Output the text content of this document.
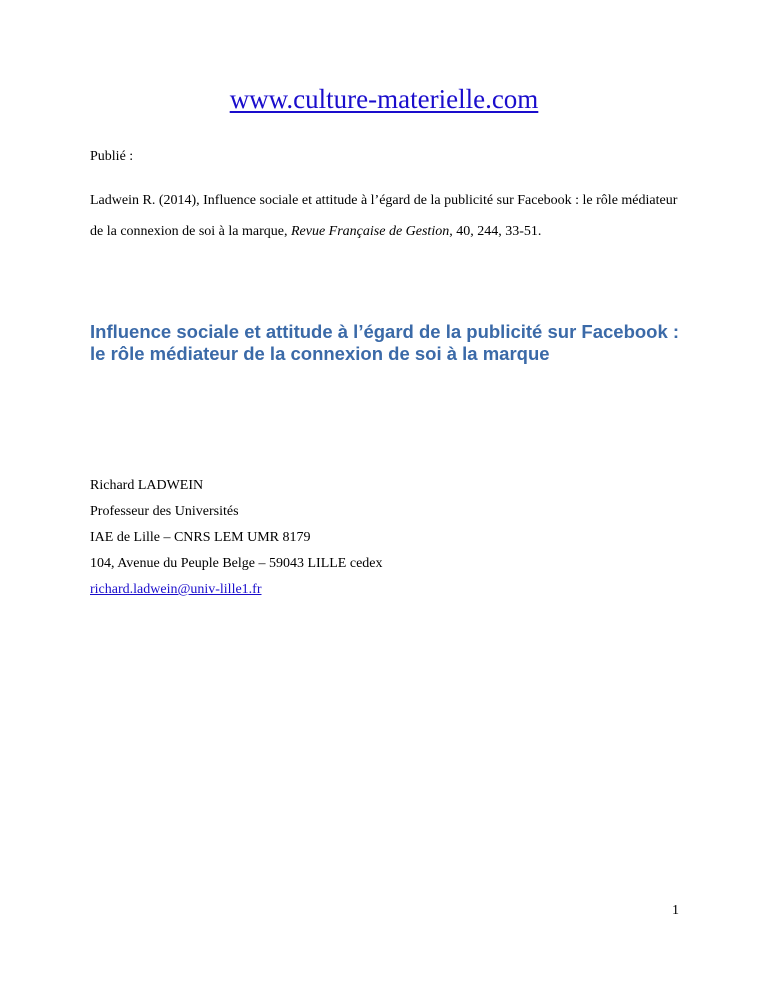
www.culture-materielle.com
Publié :
Ladwein R. (2014), Influence sociale et attitude à l’égard de la publicité sur Facebook : le rôle médiateur de la connexion de soi à la marque, Revue Française de Gestion, 40, 244, 33-51.
Influence sociale et attitude à l’égard de la publicité sur Facebook : le rôle médiateur de la connexion de soi à la marque
Richard LADWEIN
Professeur des Universités
IAE de Lille – CNRS LEM UMR 8179
104, Avenue du Peuple Belge – 59043 LILLE cedex
richard.ladwein@univ-lille1.fr
1
